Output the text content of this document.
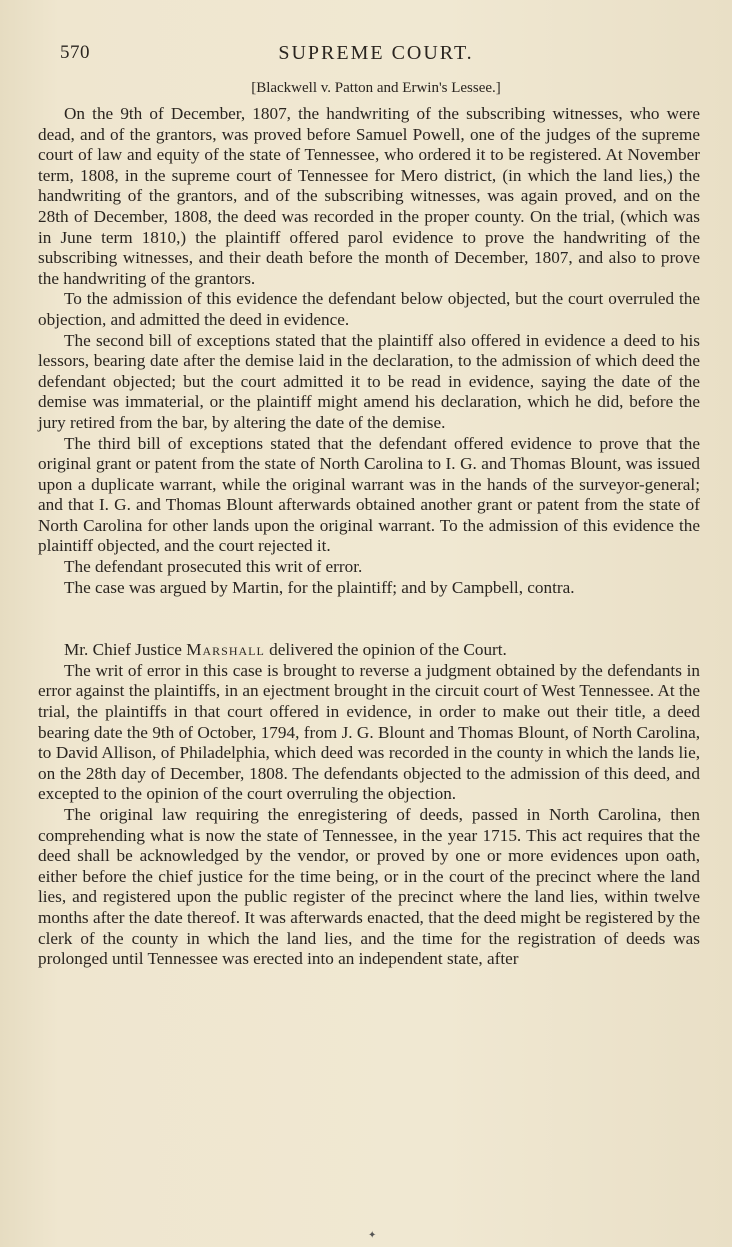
570	SUPREME COURT.
[Blackwell v. Patton and Erwin's Lessee.]

On the 9th of December, 1807, the handwriting of the subscribing witnesses, who were dead, and of the grantors, was proved before Samuel Powell, one of the judges of the supreme court of law and equity of the state of Tennessee, who ordered it to be registered. At November term, 1808, in the supreme court of Tennessee for Mero district, (in which the land lies,) the handwriting of the grantors, and of the subscribing witnesses, was again proved, and on the 28th of December, 1808, the deed was recorded in the proper county. On the trial, (which was in June term 1810,) the plaintiff offered parol evidence to prove the handwriting of the subscribing witnesses, and their death before the month of December, 1807, and also to prove the handwriting of the grantors.

To the admission of this evidence the defendant below objected, but the court overruled the objection, and admitted the deed in evidence.

The second bill of exceptions stated that the plaintiff also offered in evidence a deed to his lessors, bearing date after the demise laid in the declaration, to the admission of which deed the defendant objected; but the court admitted it to be read in evidence, saying the date of the demise was immaterial, or the plaintiff might amend his declaration, which he did, before the jury retired from the bar, by altering the date of the demise.

The third bill of exceptions stated that the defendant offered evidence to prove that the original grant or patent from the state of North Carolina to I. G. and Thomas Blount, was issued upon a duplicate warrant, while the original warrant was in the hands of the surveyor-general; and that I. G. and Thomas Blount afterwards obtained another grant or patent from the state of North Carolina for other lands upon the original warrant. To the admission of this evidence the plaintiff objected, and the court rejected it.

The defendant prosecuted this writ of error.

The case was argued by Martin, for the plaintiff; and by Campbell, contra.

Mr. Chief Justice Marshall delivered the opinion of the Court.

The writ of error in this case is brought to reverse a judgment obtained by the defendants in error against the plaintiffs, in an ejectment brought in the circuit court of West Tennessee. At the trial, the plaintiffs in that court offered in evidence, in order to make out their title, a deed bearing date the 9th of October, 1794, from J. G. Blount and Thomas Blount, of North Carolina, to David Allison, of Philadelphia, which deed was recorded in the county in which the lands lie, on the 28th day of December, 1808. The defendants objected to the admission of this deed, and excepted to the opinion of the court overruling the objection.

The original law requiring the enregistering of deeds, passed in North Carolina, then comprehending what is now the state of Tennessee, in the year 1715. This act requires that the deed shall be acknowledged by the vendor, or proved by one or more evidences upon oath, either before the chief justice for the time being, or in the court of the precinct where the land lies, and registered upon the public register of the precinct where the land lies, within twelve months after the date thereof. It was afterwards enacted, that the deed might be registered by the clerk of the county in which the land lies, and the time for the registration of deeds was prolonged until Tennessee was erected into an independent state, after

✦
